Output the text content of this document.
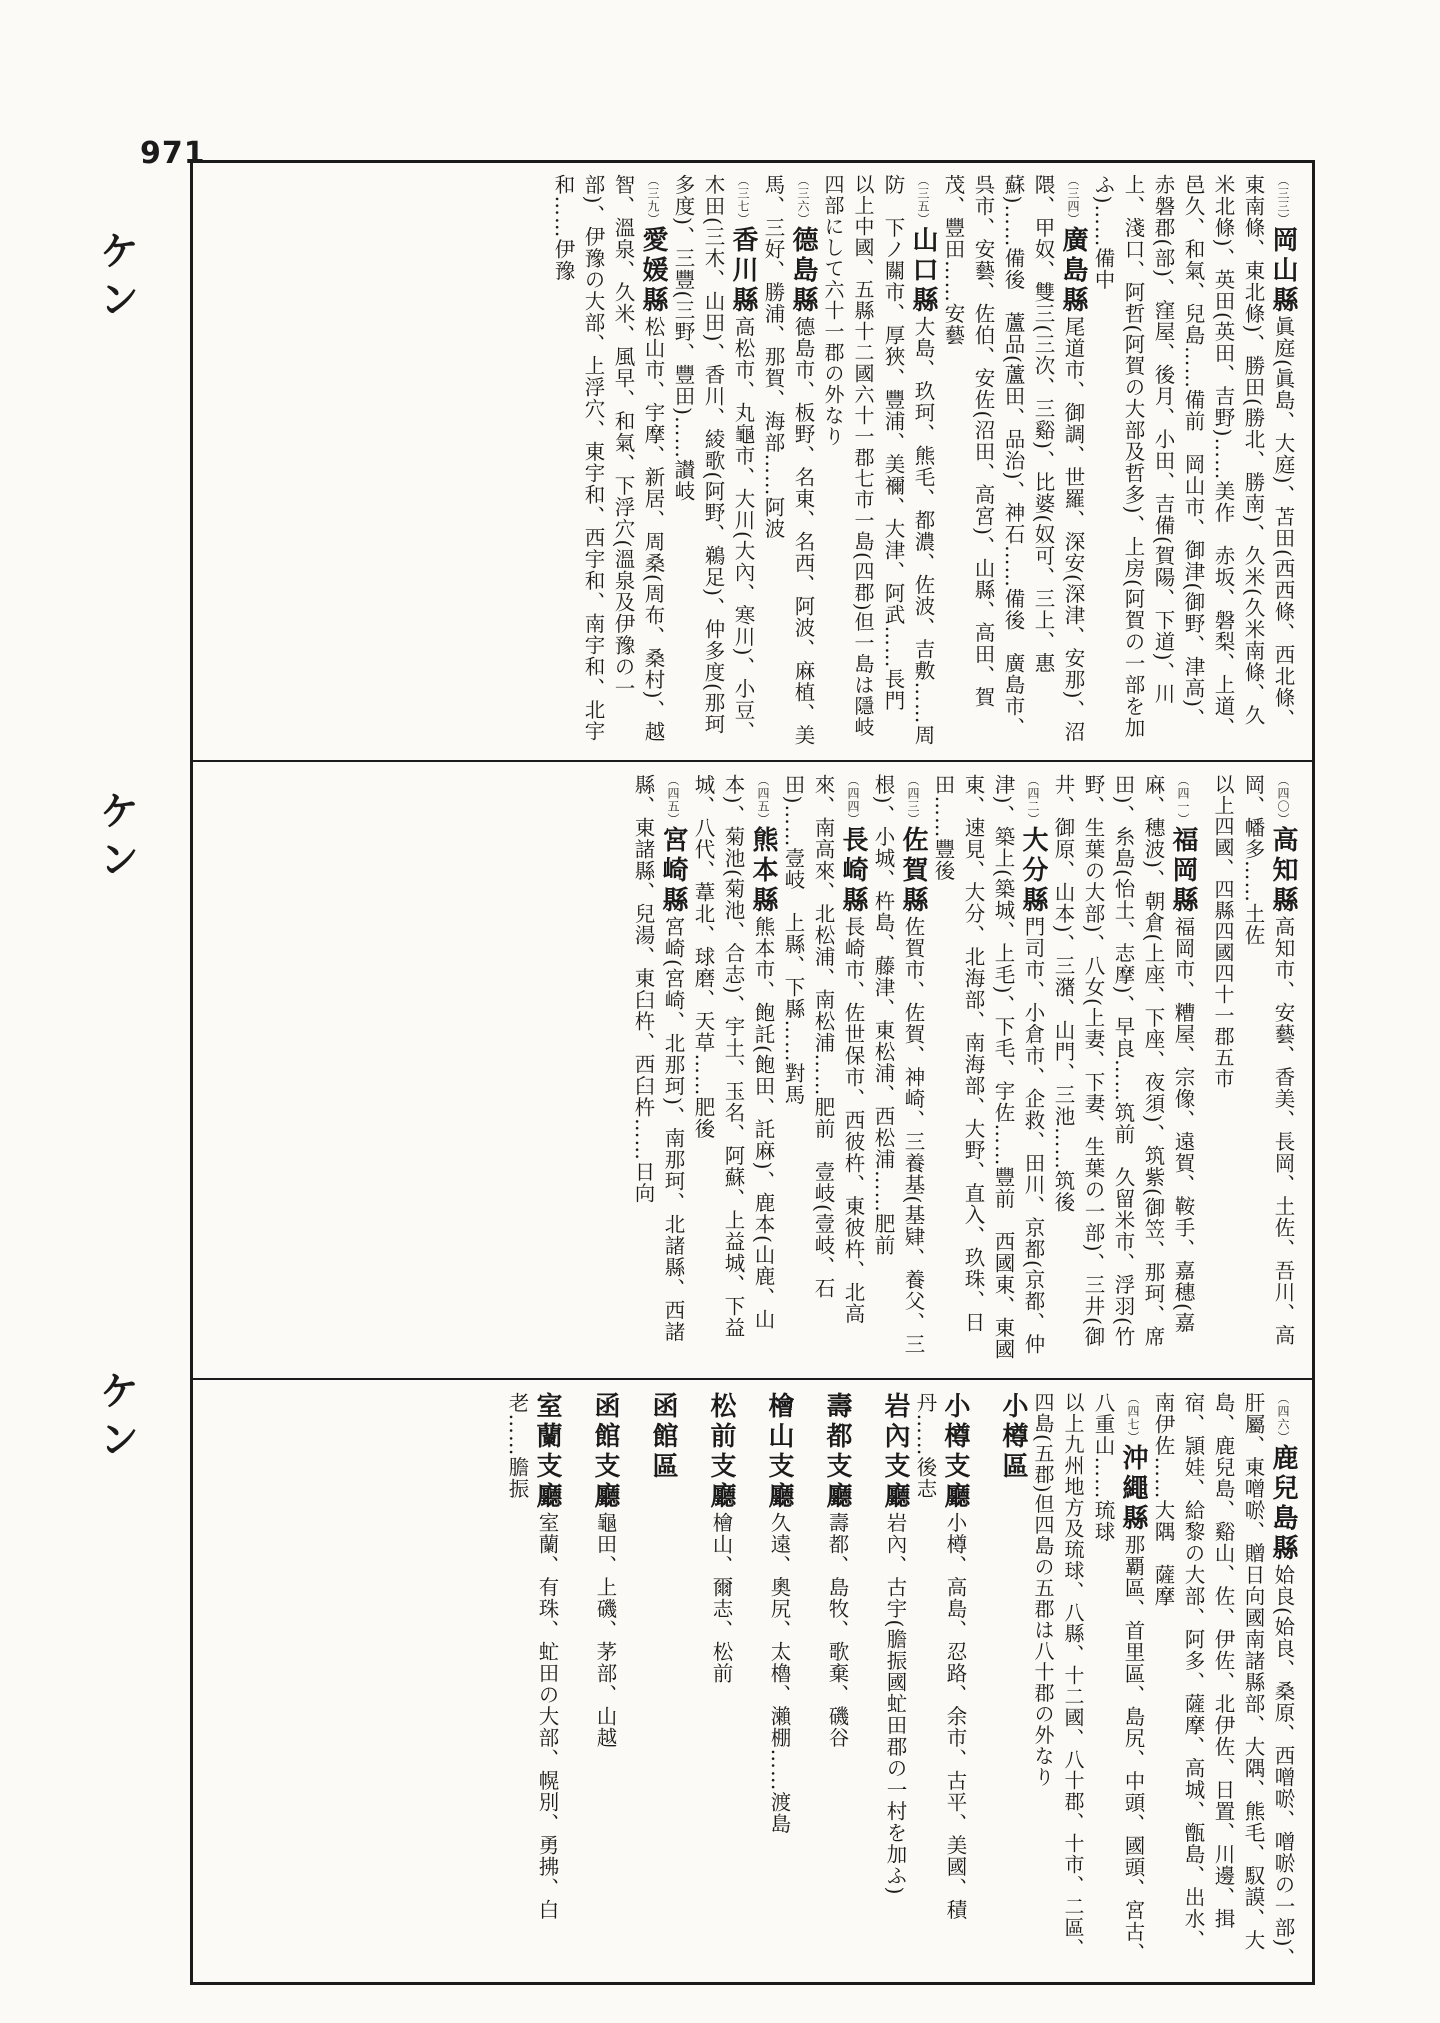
971
ケン
ケン
ケン
（三三）岡山縣眞庭(眞島、大庭)、苫田(西西條、西北條、東南條、東北條)、勝田(勝北、勝南)、久米(久米南條、久米北條)、英田(英田、吉野)……美作　赤坂、磐梨、上道、邑久、和氣、兒島……備前　岡山市、御津(御野、津高)、赤磐郡(部)、窪屋、後月、小田、吉備(賀陽、下道)、川上、淺口、阿哲(阿賀の大部及哲多)、上房(阿賀の一部を加ふ)……備中
（三四）廣島縣尾道市、御調、世羅、深安(深津、安那)、沼隈、甲奴、雙三(三次、三谿)、比婆(奴可、三上、惠蘇)……備後　蘆品(蘆田、品治)、神石……備後　廣島市、呉市、安藝、佐伯、安佐(沼田、高宮)、山縣、高田、賀茂、豐田……安藝
（三五）山口縣大島、玖珂、熊毛、都濃、佐波、吉敷……周防　下ノ關市、厚狹、豐浦、美禰、大津、阿武……長門
以上中國、五縣十二國六十一郡七市一島(四郡)但一島は隱岐四部にして六十一郡の外なり
（三六）德島縣德島市、板野、名東、名西、阿波、麻植、美馬、三好、勝浦、那賀、海部……阿波
（三七）香川縣高松市、丸龜市、大川(大內、寒川)、小豆、木田(三木、山田)、香川、綾歌(阿野、鵜足)、仲多度(那珂多度)、三豐(三野、豐田)……讃岐
（三九）愛媛縣松山市、宇摩、新居、周桑(周布、桑村)、越智、溫泉、久米、風早、和氣、下浮穴(溫泉及伊豫の一部)、伊豫の大部、上浮穴、東宇和、西宇和、南宇和、北宇和……伊豫
（四〇）高知縣高知市、安藝、香美、長岡、土佐、吾川、高岡、幡多……土佐
以上四國、四縣四國四十一郡五市
（四一）福岡縣福岡市、糟屋、宗像、遠賀、鞍手、嘉穗(嘉麻、穗波)、朝倉(上座、下座、夜須)、筑紫(御笠、那珂、席田)、糸島(怡土、志摩)、早良……筑前　久留米市、浮羽(竹野、生葉の大部)、八女(上妻、下妻、生葉の一部)、三井(御井、御原、山本)、三潴、山門、三池……筑後
（四二）大分縣門司市、小倉市、企救、田川、京都(京都、仲津)、築上(築城、上毛)、下毛、宇佐……豐前　西國東、東國東、速見、大分、北海部、南海部、大野、直入、玖珠、日田……豐後
（四三）佐賀縣佐賀市、佐賀、神崎、三養基(基肄、養父、三根)、小城、杵島、藤津、東松浦、西松浦……肥前
（四四）長崎縣長崎市、佐世保市、西彼杵、東彼杵、北高來、南高來、北松浦、南松浦……肥前　壹岐(壹岐、石田)……壹岐　上縣、下縣……對馬
（四五）熊本縣熊本市、飽託(飽田、託麻)、鹿本(山鹿、山本)、菊池(菊池、合志)、宇土、玉名、阿蘇、上益城、下益城、八代、葦北、球磨、天草……肥後
（四五）宮崎縣宮崎(宮崎、北那珂)、南那珂、北諸縣、西諸縣、東諸縣、兒湯、東臼杵、西臼杵……日向
（四六）鹿兒島縣姶良(姶良、桑原、西噌唹、噌唹の一部)、肝屬、東噌唹、贈日向國南諸縣部、大隅、熊毛、馭謨、大島、鹿兒島、谿山、佐、伊佐、北伊佐、日置、川邊、揖宿、頴娃、給黎の大部、阿多、薩摩、高城、甑島、出水、南伊佐……大隅　薩摩
（四七）沖繩縣那覇區、首里區、島尻、中頭、國頭、宮古、八重山……琉球
以上九州地方及琉球、八縣、十二國、八十郡、十市、二區、四島(五郡)但四島の五郡は八十郡の外なり
小樽區
小樽支廳小樽、高島、忍路、余市、古平、美國、積丹……後志
岩內支廳岩內、古宇(膽振國虻田郡の一村を加ふ)
壽都支廳壽都、島牧、歌棄、磯谷
檜山支廳久遠、奧尻、太櫓、瀨棚……渡島
松前支廳檜山、爾志、松前
函館區
函館支廳龜田、上磯、茅部、山越
室蘭支廳室蘭、有珠、虻田の大部、幌別、勇拂、白老……膽振
